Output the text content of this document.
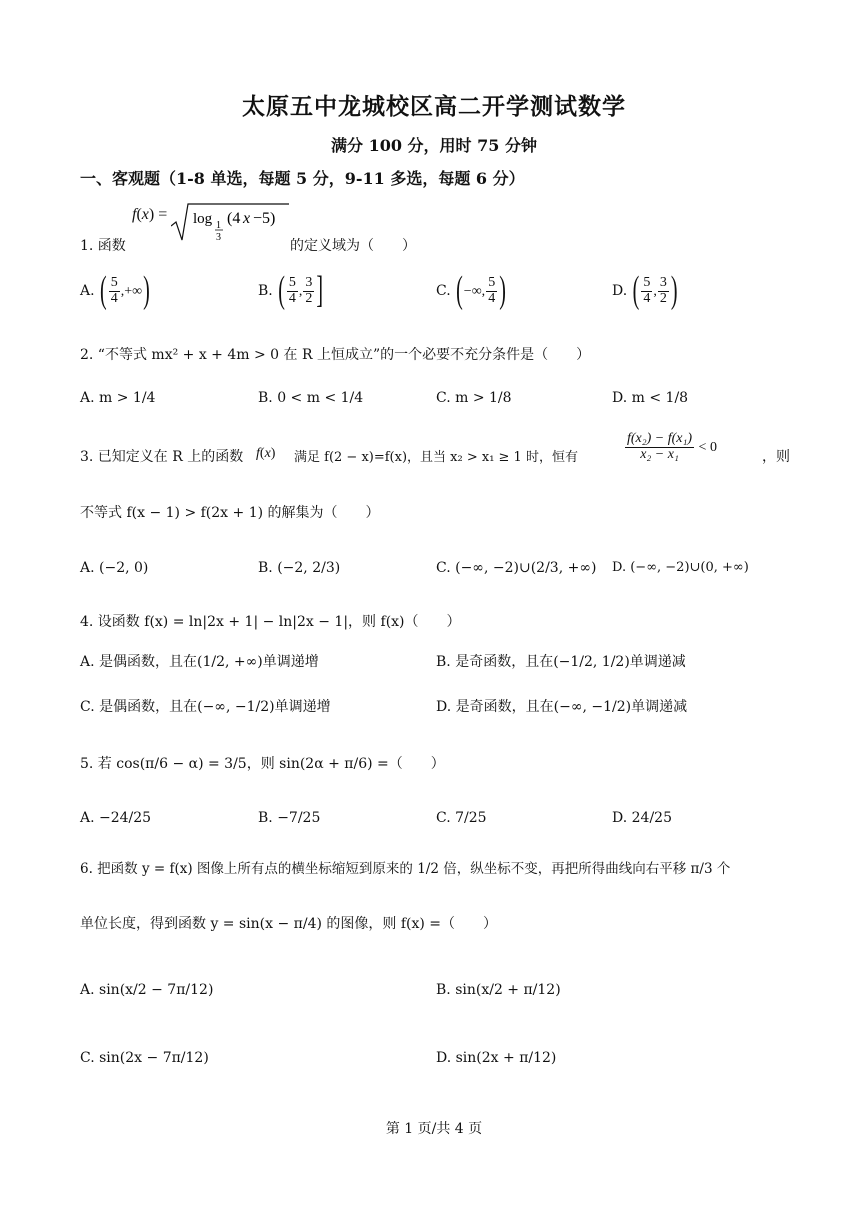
太原五中龙城校区高二开学测试数学
满分 100 分，用时 75 分钟
一、客观题（1-8 单选，每题 5 分，9-11 多选，每题 6 分）
f(x) = log 1
3
(4 x −5)
1. 函数	的定义域为（　　）
A. ( $\frac{5}{4}$ ,+∞)	B. ( $\frac{5}{4}$ , $\frac{3}{2}$ ]	C. (−∞, $\frac{5}{4}$ )	D. ( $\frac{5}{4}$ , $\frac{3}{2}$ )
2. “不等式 mx² + x + 4m > 0 在 R 上恒成立”的一个必要不充分条件是（　　）
A. m > 1/4	B. 0 < m < 1/4	C. m > 1/8	D. m < 1/8
3. 已知定义在 R 上的函数 f(x) 满足 f(2 − x)=f(x)，且当 x₂ > x₁ ≥ 1 时，恒有	$\frac{\text{f(x₂) − f(x₁)}}{\text{x₂ − x₁}} < 0$
，则
不等式 f(x − 1) > f(2x + 1) 的解集为（　　）
A. (−2, 0)	B. (−2, 2/3)	C. (−∞, −2)∪(2/3, +∞) D. (−∞, −2)∪(0, +∞)
4. 设函数 f(x) = ln|2x + 1| − ln|2x − 1|，则 f(x)（　　）
A. 是偶函数，且在(1/2, +∞)单调递增	B. 是奇函数，且在(−1/2, 1/2)单调递减
C. 是偶函数，且在(−∞, −1/2)单调递增	D. 是奇函数，且在(−∞, −1/2)单调递减
5. 若 cos(π/6 − α) = 3/5，则 sin(2α + π/6) =（　　）
A. −24/25	B. −7/25	C. 7/25	D. 24/25
6. 把函数 y = f(x) 图像上所有点的横坐标缩短到原来的 1/2 倍，纵坐标不变，再把所得曲线向右平移 π/3 个
单位长度，得到函数 y = sin(x − π/4) 的图像，则 f(x) =（　　）
A. sin(x/2 − 7π/12)	B. sin(x/2 + π/12)
C. sin(2x − 7π/12)	D. sin(2x + π/12)
第 1 页/共 4 页
